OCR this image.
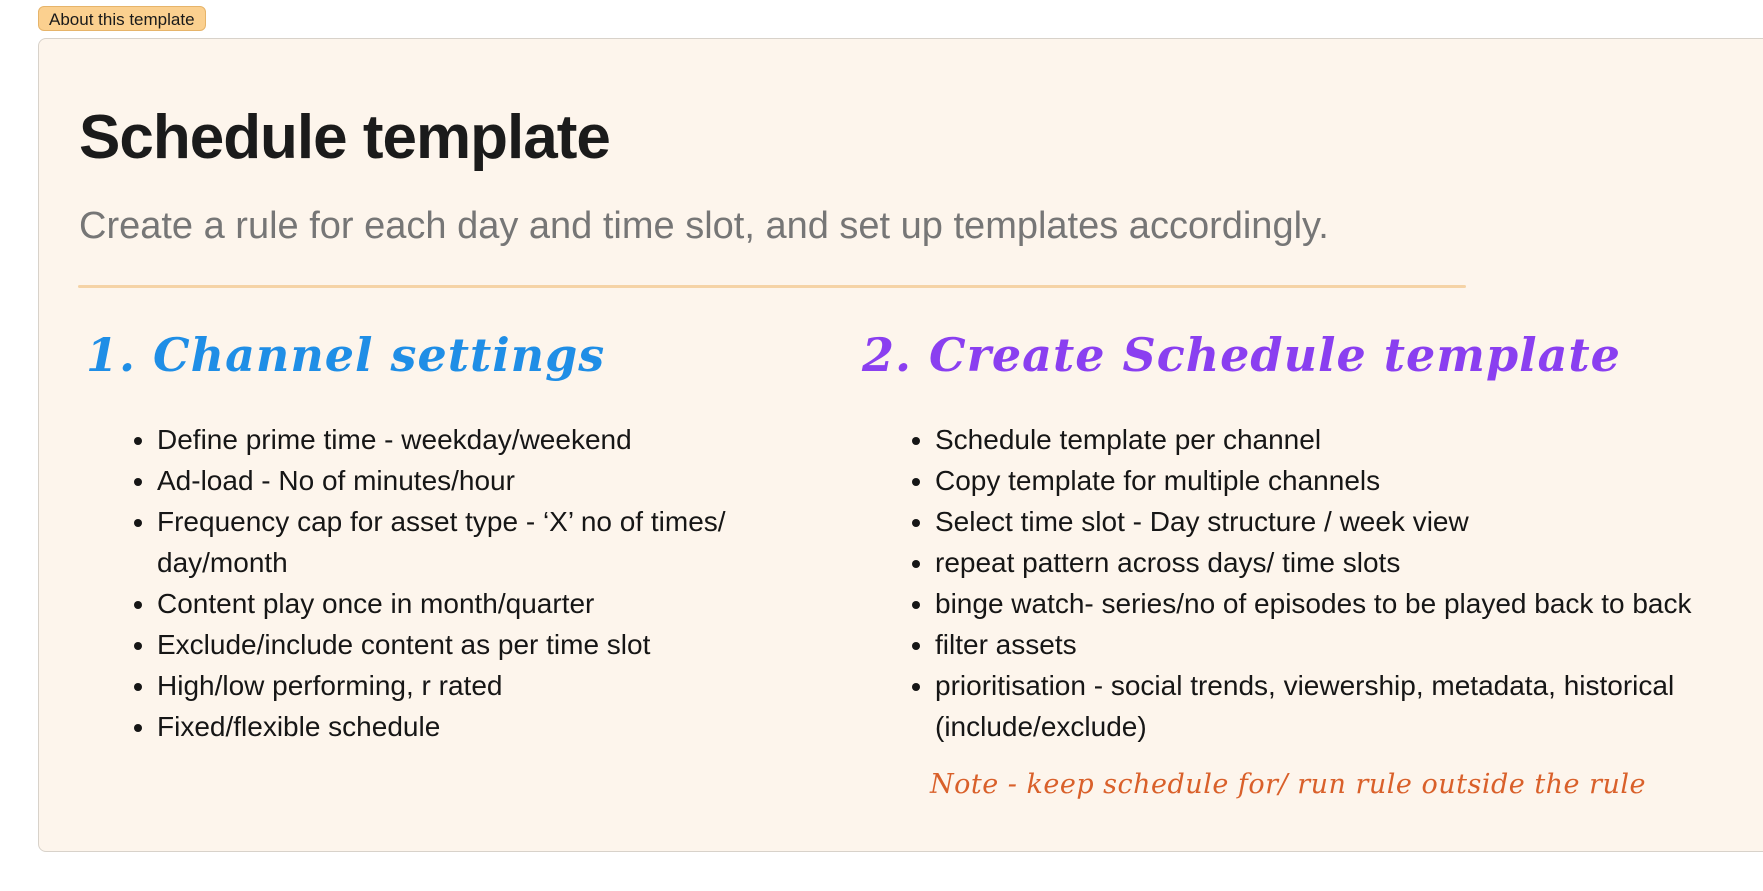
About this template
Schedule template

Create a rule for each day and time slot, and set up templates accordingly.

1. Channel settings
• Define prime time - weekday/weekend
• Ad-load - No of minutes/hour
• Frequency cap for asset type - ‘X’ no of times/ day/month
• Content play once in month/quarter
• Exclude/include content as per time slot
• High/low performing, r rated
• Fixed/flexible schedule
2. Create Schedule template
• Schedule template per channel
• Copy template for multiple channels
• Select time slot - Day structure / week view
• repeat pattern across days/ time slots
• binge watch- series/no of episodes to be played back to back
• filter assets
• prioritisation - social trends, viewership, metadata, historical (include/exclude)

Note - keep schedule for/ run rule outside the rule
